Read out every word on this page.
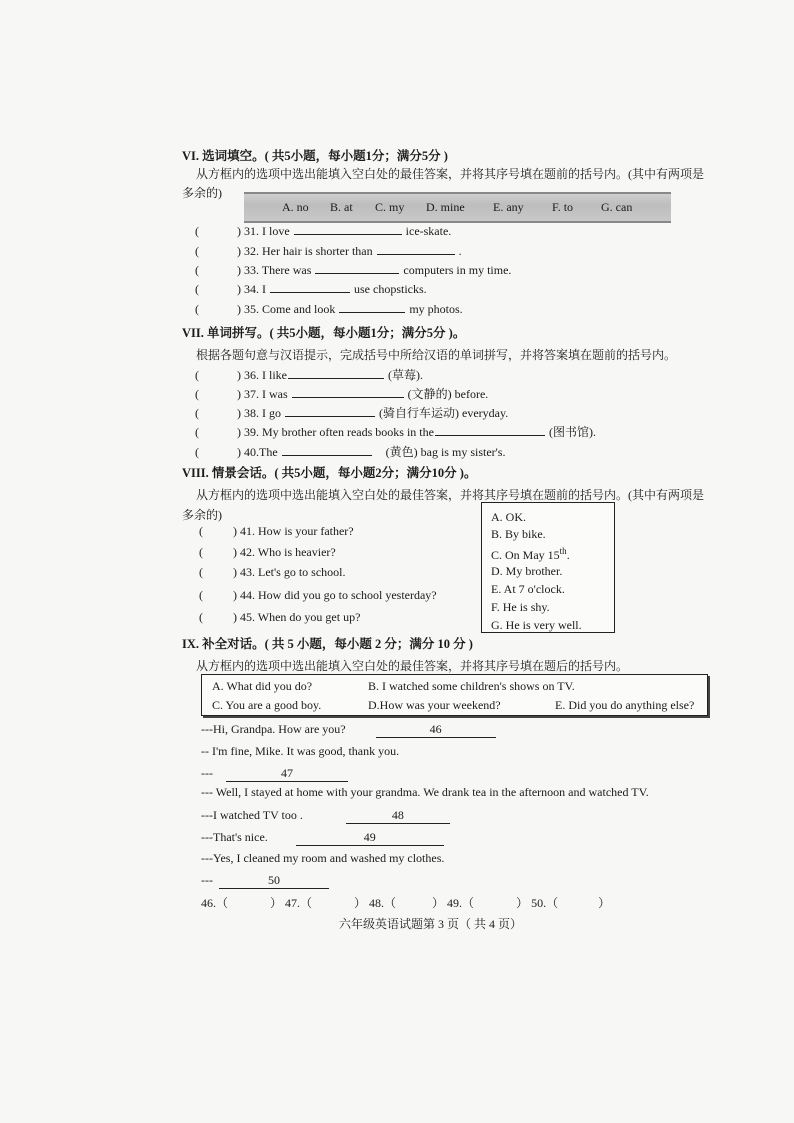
VI. 选词填空。( 共5小题，每小题1分；满分5分 )
从方框内的选项中选出能填入空白处的最佳答案，并将其序号填在题前的括号内。(其中有两项是
多余的)
A. no B. at C. my D. mine E. any F. to G. can
(	) 31. I love	ice-skate.
(	) 32. Her hair is shorter than	.
(	) 33. There was	computers in my time.
(	) 34. I	use chopsticks.
(	) 35. Come and look	my photos.
VII. 单词拼写。( 共5小题，每小题1分；满分5分 )。
根据各题句意与汉语提示，完成括号中所给汉语的单词拼写，并将答案填在题前的括号内。
(	) 36. I like	(草莓).
(	) 37. I was	(文静的) before.
(	) 38. I go	(骑自行车运动) everyday.
(	) 39. My brother often reads books in the	(图书馆).
(	) 40.The	(黄色) bag is my sister's.
VIII. 情景会话。( 共5小题，每小题2分；满分10分 )。
从方框内的选项中选出能填入空白处的最佳答案，并将其序号填在题前的括号内。(其中有两项是
多余的)
(	) 41. How is your father?
(	) 42. Who is heavier?
(	) 43. Let's go to school.
(	) 44. How did you go to school yesterday?
(	) 45. When do you get up?
A. OK.
B. By bike.
C. On May 15th.
D. My brother.
E. At 7 o'clock.
F. He is shy.
G. He is very well.
IX. 补全对话。( 共 5 小题，每小题 2 分；满分 10 分 )
从方框内的选项中选出能填入空白处的最佳答案，并将其序号填在题后的括号内。
A. What did you do?	B. I watched some children's shows on TV.
C. You are a good boy.	D.How was your weekend?	E. Did you do anything else?
---Hi, Grandpa. How are you?	46
-- I'm fine, Mike. It was good, thank you.
---	47
--- Well, I stayed at home with your grandma. We drank tea in the afternoon and watched TV.
---I watched TV too .	48
---That's nice.	49
---Yes, I cleaned my room and washed my clothes.
---	50
46.（	） 47.（	） 48.（	） 49.（	） 50.（	）
六年级英语试题第 3 页（ 共 4 页）
